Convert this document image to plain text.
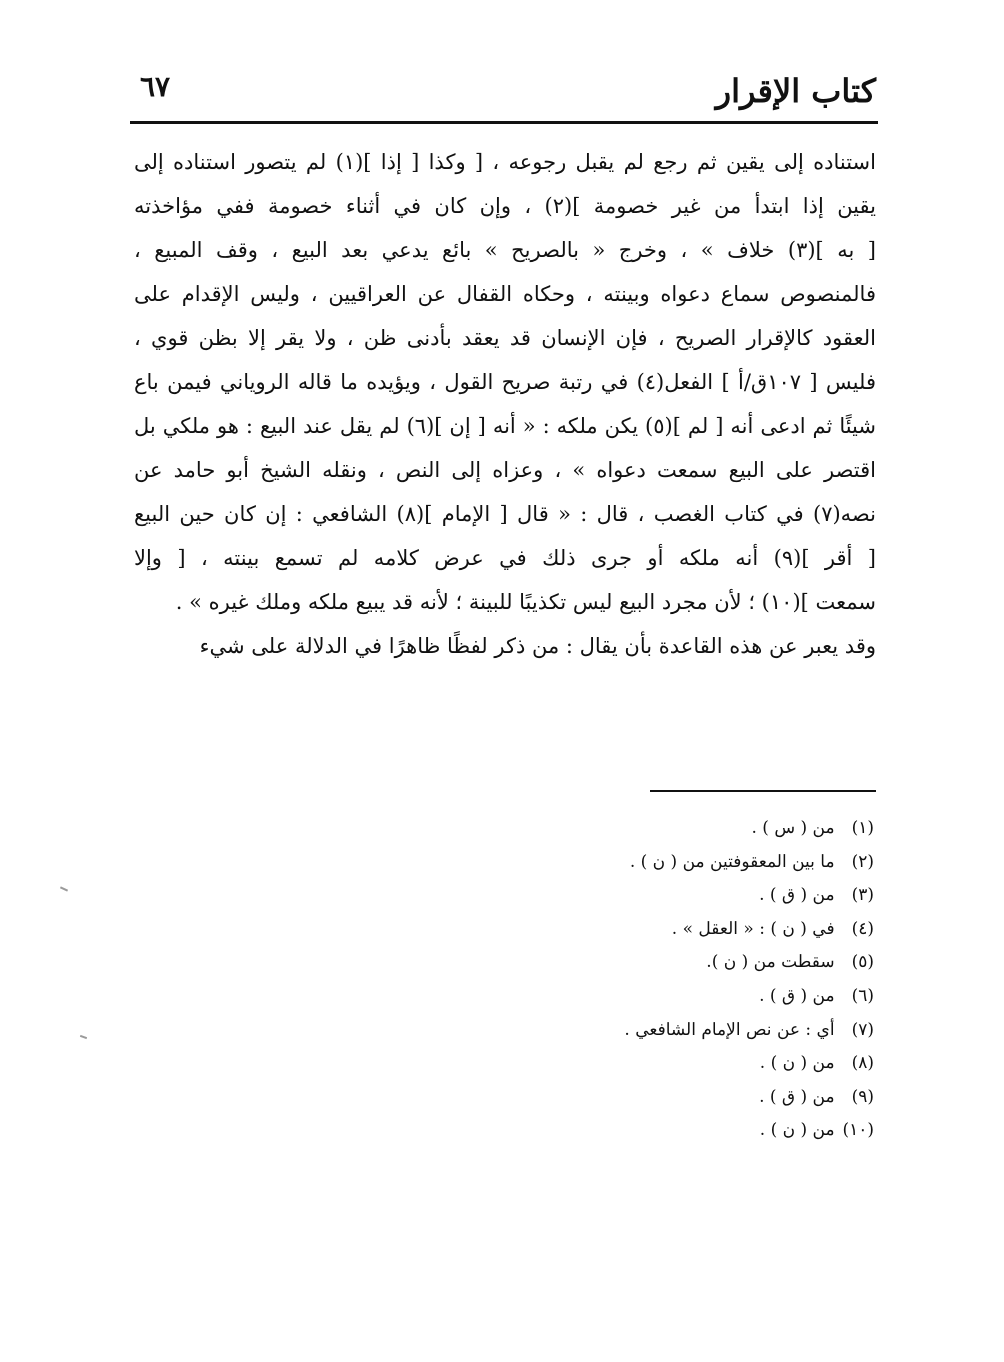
كتاب الإقرار
٦٧
استناده إلى يقين ثم رجع لم يقبل رجوعه ، [ وكذا [ إذا ](١) لم يتصور استناده إلى
يقين إذا ابتدأ من غير خصومة ](٢) ، وإن كان في أثناء خصومة ففي مؤاخذته
[ به ](٣) خلاف » ، وخرج « بالصريح » بائع يدعي بعد البيع ، وقف المبيع ،
فالمنصوص سماع دعواه وبينته ، وحكاه القفال عن العراقيين ، وليس الإقدام على
العقود كالإقرار الصريح ، فإن الإنسان قد يعقد بأدنى ظن ، ولا يقر إلا بظن قوي ،
فليس [ ١٠٧ق/أ ] الفعل(٤) في رتبة صريح القول ، ويؤيده ما قاله الروياني فيمن باع
شيئًا ثم ادعى أنه [ لم ](٥) يكن ملكه : « أنه [ إن ](٦) لم يقل عند البيع : هو ملكي بل
اقتصر على البيع سمعت دعواه » ، وعزاه إلى النص ، ونقله الشيخ أبو حامد عن
نصه(٧) في كتاب الغصب ، قال : « قال [ الإمام ](٨) الشافعي : إن كان حين البيع
[ أقر ](٩) أنه ملكه أو جرى ذلك في عرض كلامه لم تسمع بينته ، [ وإلا
سمعت ](١٠) ؛ لأن مجرد البيع ليس تكذيبًا للبينة ؛ لأنه قد يبيع ملكه وملك غيره » .
وقد يعبر عن هذه القاعدة بأن يقال : من ذكر لفظًا ظاهرًا في الدلالة على شيء
(١) من ( س ) .
(٢) ما بين المعقوفتين من ( ن ) .
(٣) من ( ق ) .
(٤) في ( ن ) : « العقل » .
(٥) سقطت من ( ن ).
(٦) من ( ق ) .
(٧) أي : عن نص الإمام الشافعي .
(٨) من ( ن ) .
(٩) من ( ق ) .
(١٠) من ( ن ) .
